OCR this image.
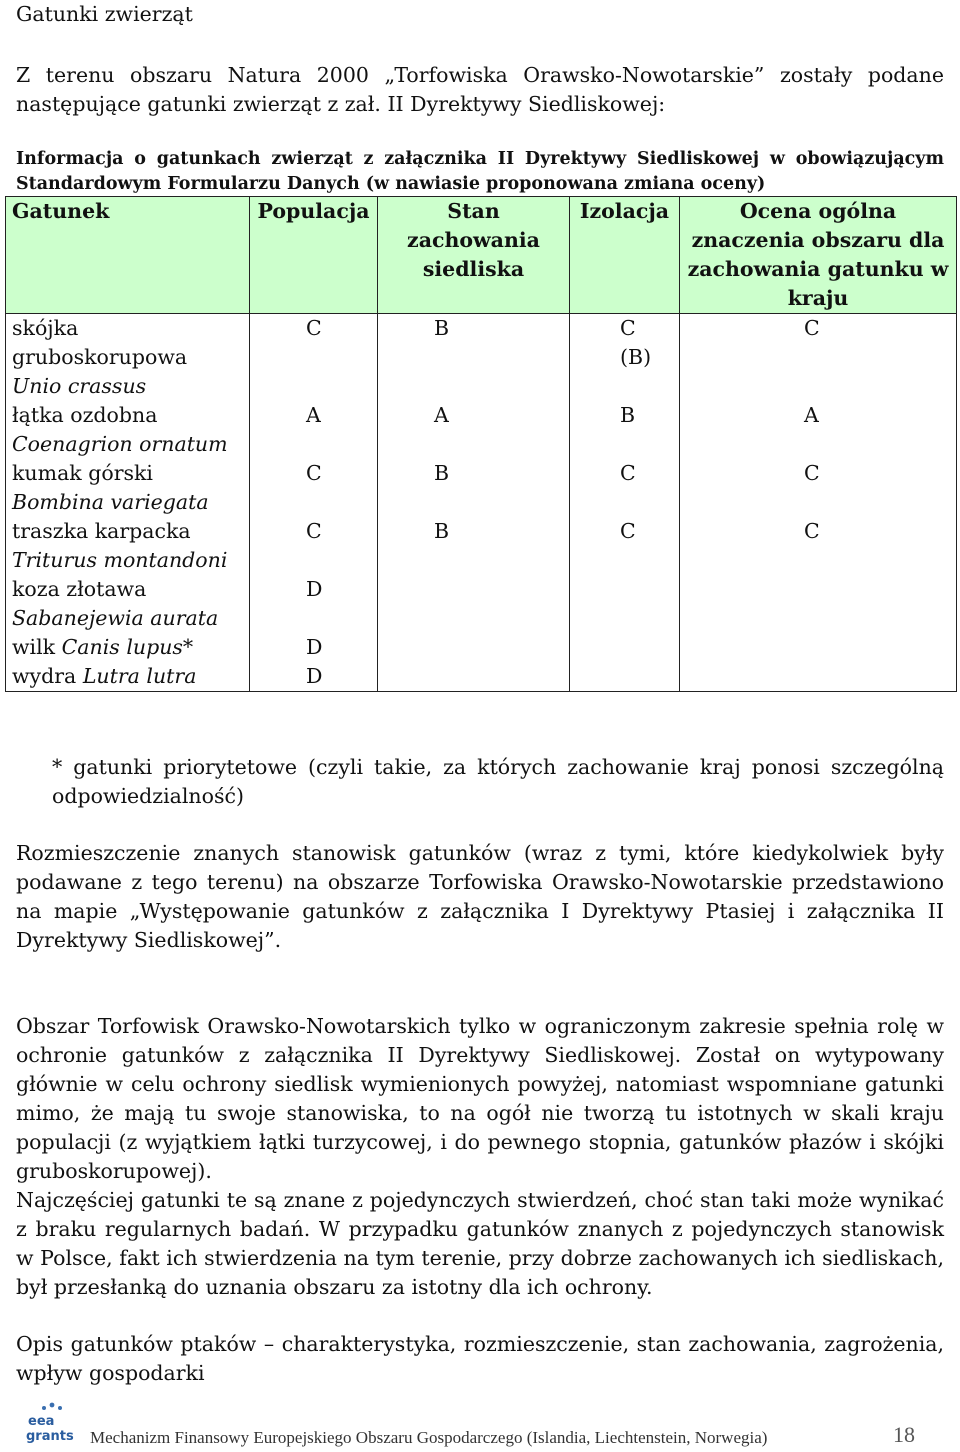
Gatunki zwierząt

Z terenu obszaru Natura 2000 „Torfowiska Orawsko-Nowotarskie” zostały podane następujące gatunki zwierząt z zał. II Dyrektywy Siedliskowej:

Informacja o gatunkach zwierząt z załącznika II Dyrektywy Siedliskowej w obowiązującym Standardowym Formularzu Danych (w nawiasie proponowana zmiana oceny)

Gatunek	Populacja	Stan zachowania siedliska	Izolacja	Ocena ogólna znaczenia obszaru dla zachowania gatunku w kraju
skójka gruboskorupowa
Unio crassus	C	B	C (B)	C
łątka ozdobna
Coenagrion ornatum	A	A	B	A
kumak górski
Bombina variegata	C	B	C	C
traszka karpacka
Triturus montandoni	C	B	C	C
koza złotawa
Sabanejewia aurata	D			
wilk Canis lupus*	D			
wydra Lutra lutra	D			

* gatunki priorytetowe (czyli takie, za których zachowanie kraj ponosi szczególną odpowiedzialność)

Rozmieszczenie znanych stanowisk gatunków (wraz z tymi, które kiedykolwiek były podawane z tego terenu) na obszarze Torfowiska Orawsko-Nowotarskie przedstawiono na mapie „Występowanie gatunków z załącznika I Dyrektywy Ptasiej i załącznika II Dyrektywy Siedliskowej”.

Obszar Torfowisk Orawsko-Nowotarskich tylko w ograniczonym zakresie spełnia rolę w ochronie gatunków z załącznika II Dyrektywy Siedliskowej. Został on wytypowany głównie w celu ochrony siedlisk wymienionych powyżej, natomiast wspomniane gatunki mimo, że mają tu swoje stanowiska, to na ogół nie tworzą tu istotnych w skali kraju populacji (z wyjątkiem łątki turzycowej, i do pewnego stopnia, gatunków płazów i skójki gruboskorupowej).

Najczęściej gatunki te są znane z pojedynczych stwierdzeń, choć stan taki może wynikać z braku regularnych badań. W przypadku gatunków znanych z pojedynczych stanowisk w Polsce, fakt ich stwierdzenia na tym terenie, przy dobrze zachowanych ich siedliskach, był przesłanką do uznania obszaru za istotny dla ich ochrony.

Opis gatunków ptaków – charakterystyka, rozmieszczenie, stan zachowania, zagrożenia, wpływ gospodarki

eea
grants Mechanizm Finansowy Europejskiego Obszaru Gospodarczego (Islandia, Liechtenstein, Norwegia)	18
